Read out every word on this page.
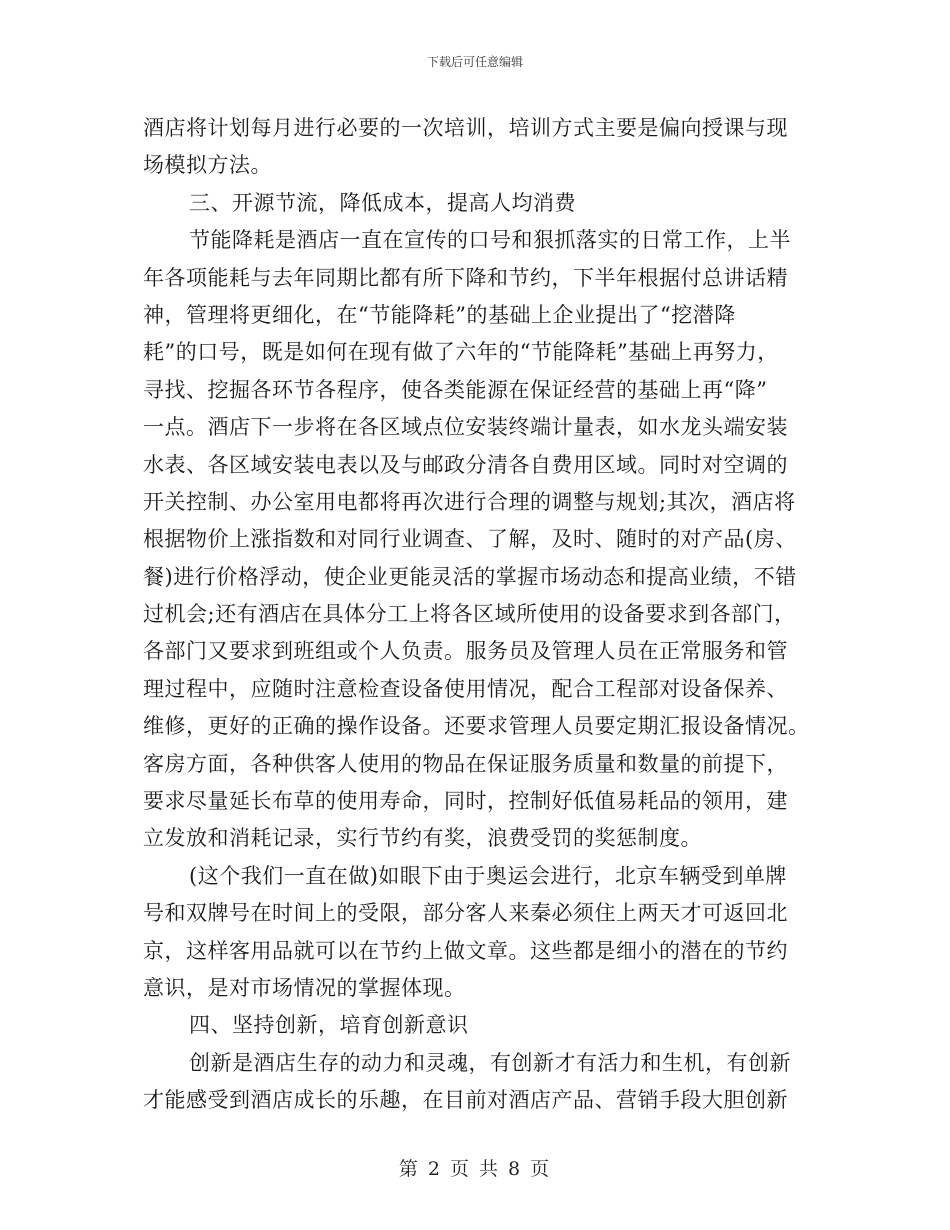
下载后可任意编辑
酒店将计划每月进行必要的一次培训，培训方式主要是偏向授课与现
场模拟方法。
三、开源节流，降低成本，提高人均消费
节能降耗是酒店一直在宣传的口号和狠抓落实的日常工作，上半
年各项能耗与去年同期比都有所下降和节约，下半年根据付总讲话精
神，管理将更细化，在“节能降耗”的基础上企业提出了“挖潜降
耗”的口号，既是如何在现有做了六年的“节能降耗”基础上再努力，
寻找、挖掘各环节各程序，使各类能源在保证经营的基础上再“降”
一点。酒店下一步将在各区域点位安装终端计量表，如水龙头端安装
水表、各区域安装电表以及与邮政分清各自费用区域。同时对空调的
开关控制、办公室用电都将再次进行合理的调整与规划;其次，酒店将
根据物价上涨指数和对同行业调查、了解，及时、随时的对产品(房、
餐)进行价格浮动，使企业更能灵活的掌握市场动态和提高业绩，不错
过机会;还有酒店在具体分工上将各区域所使用的设备要求到各部门，
各部门又要求到班组或个人负责。服务员及管理人员在正常服务和管
理过程中，应随时注意检查设备使用情况，配合工程部对设备保养、
维修，更好的正确的操作设备。还要求管理人员要定期汇报设备情况。
客房方面，各种供客人使用的物品在保证服务质量和数量的前提下，
要求尽量延长布草的使用寿命，同时，控制好低值易耗品的领用，建
立发放和消耗记录，实行节约有奖，浪费受罚的奖惩制度。
(这个我们一直在做)如眼下由于奥运会进行，北京车辆受到单牌
号和双牌号在时间上的受限，部分客人来秦必须住上两天才可返回北
京，这样客用品就可以在节约上做文章。这些都是细小的潜在的节约
意识，是对市场情况的掌握体现。
四、坚持创新，培育创新意识
创新是酒店生存的动力和灵魂，有创新才有活力和生机，有创新
才能感受到酒店成长的乐趣，在目前对酒店产品、营销手段大胆创新
第 2 页 共 8 页
